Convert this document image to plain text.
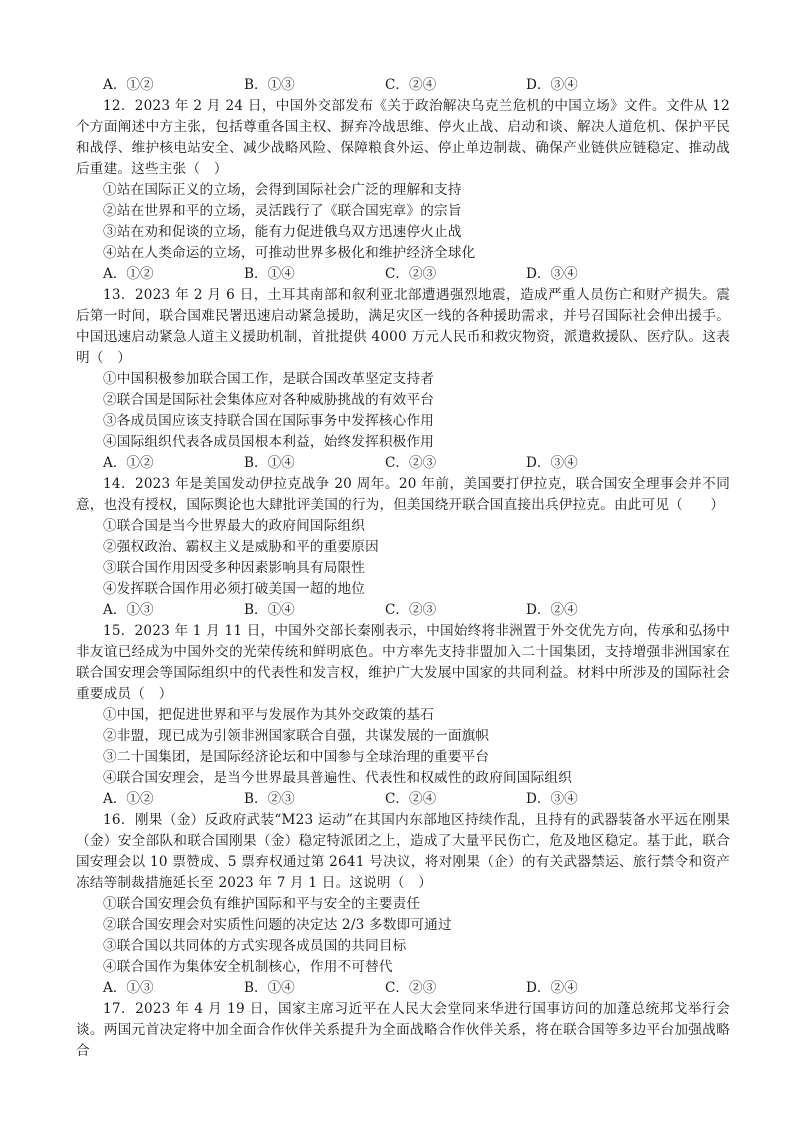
A．①②	B．①③	C．②④	D．③④

12．2023 年 2 月 24 日，中国外交部发布《关于政治解决乌克兰危机的中国立场》文件。文件从 12 个方面阐述中方主张，包括尊重各国主权、摒弃冷战思维、停火止战、启动和谈、解决人道危机、保护平民和战俘、维护核电站安全、减少战略风险、保障粮食外运、停止单边制裁、确保产业链供应链稳定、推动战后重建。这些主张（　）

①站在国际正义的立场，会得到国际社会广泛的理解和支持

②站在世界和平的立场，灵活践行了《联合国宪章》的宗旨

③站在劝和促谈的立场，能有力促进俄乌双方迅速停火止战

④站在人类命运的立场，可推动世界多极化和维护经济全球化

A．①②	B．①④	C．②③	D．③④

13．2023 年 2 月 6 日，土耳其南部和叙利亚北部遭遇强烈地震，造成严重人员伤亡和财产损失。震后第一时间，联合国难民署迅速启动紧急援助，满足灾区一线的各种援助需求，并号召国际社会伸出援手。中国迅速启动紧急人道主义援助机制，首批提供 4000 万元人民币和救灾物资，派遣救援队、医疗队。这表明（　）

①中国积极参加联合国工作，是联合国改革坚定支持者

②联合国是国际社会集体应对各种威胁挑战的有效平台

③各成员国应该支持联合国在国际事务中发挥核心作用

④国际组织代表各成员国根本利益，始终发挥积极作用

A．①②	B．①④	C．②③	D．③④

14．2023 年是美国发动伊拉克战争 20 周年。20 年前，美国要打伊拉克，联合国安全理事会并不同意，也没有授权，国际舆论也大肆批评美国的行为，但美国绕开联合国直接出兵伊拉克。由此可见（　　）

①联合国是当今世界最大的政府间国际组织

②强权政治、霸权主义是威胁和平的重要原因

③联合国作用因受多种因素影响具有局限性

④发挥联合国作用必须打破美国一超的地位

A．①③	B．①④	C．②③	D．②④

15．2023 年 1 月 11 日，中国外交部长秦刚表示，中国始终将非洲置于外交优先方向，传承和弘扬中非友谊已经成为中国外交的光荣传统和鲜明底色。中方率先支持非盟加入二十国集团，支持增强非洲国家在联合国安理会等国际组织中的代表性和发言权，维护广大发展中国家的共同利益。材料中所涉及的国际社会重要成员（　）

①中国，把促进世界和平与发展作为其外交政策的基石

②非盟，现已成为引领非洲国家联合自强，共谋发展的一面旗帜

③二十国集团，是国际经济论坛和中国参与全球治理的重要平台

④联合国安理会，是当今世界最具普遍性、代表性和权威性的政府间国际组织

A．①②	B．②③	C．②④	D．③④

16．刚果（金）反政府武装“M23 运动”在其国内东部地区持续作乱，且持有的武器装备水平远在刚果（金）安全部队和联合国刚果（金）稳定特派团之上，造成了大量平民伤亡，危及地区稳定。基于此，联合国安理会以 10 票赞成、5 票弃权通过第 2641 号决议，将对刚果（企）的有关武器禁运、旅行禁令和资产冻结等制裁措施延长至 2023 年 7 月 1 日。这说明（　）

①联合国安理会负有维护国际和平与安全的主要责任

②联合国安理会对实质性问题的决定达 2/3 多数即可通过

③联合国以共同体的方式实现各成员国的共同目标

④联合国作为集体安全机制核心，作用不可替代

A．①③	B．①④	C．②③	D．②④

17．2023 年 4 月 19 日，国家主席习近平在人民大会堂同来华进行国事访问的加蓬总统邦戈举行会谈。两国元首决定将中加全面合作伙伴关系提升为全面战略合作伙伴关系，将在联合国等多边平台加强战略合
